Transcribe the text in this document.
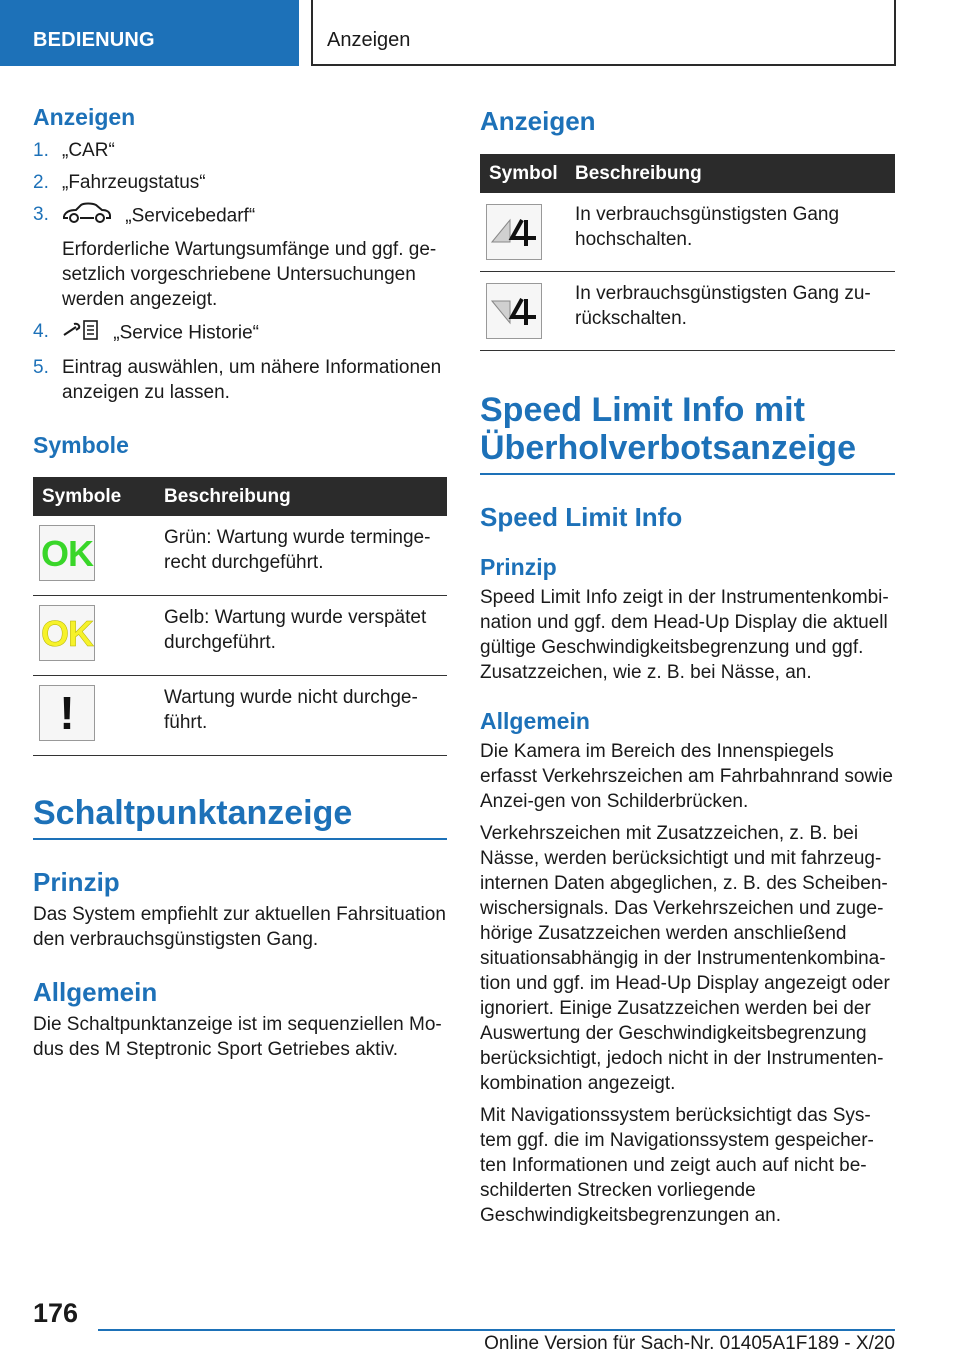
BEDIENUNG	Anzeigen
Anzeigen
1. „CAR“
2. „Fahrzeugstatus“
3.	„Servicebedarf“
Erforderliche Wartungsumfänge und ggf. ge-setzlich vorgeschriebene Untersuchungen werden angezeigt.
4.	„Service Historie“
5. Eintrag auswählen, um nähere Informationen anzeigen zu lassen.
Symbole
Symbole	Beschreibung

OK	Grün: Wartung wurde terminge-recht durchgeführt.

OK	Gelb: Wartung wurde verspätet durchgeführt.

!	Wartung wurde nicht durchge-führt.
Schaltpunktanzeige
Prinzip

Das System empfiehlt zur aktuellen Fahrsituation den verbrauchsgünstigsten Gang.

Allgemein

Die Schaltpunktanzeige ist im sequenziellen Mo-dus des M Steptronic Sport Getriebes aktiv.

Anzeigen
Symbol	Beschreibung

	In verbrauchsgünstigsten Gang hochschalten.

	In verbrauchsgünstigsten Gang zu-rückschalten.
Speed Limit Info mit Überholverbotsanzeige
Speed Limit Info
Prinzip

Speed Limit Info zeigt in der Instrumentenkombi-nation und ggf. dem Head-Up Display die aktuell gültige Geschwindigkeitsbegrenzung und ggf. Zusatzzeichen, wie z. B. bei Nässe, an.

Allgemein

Die Kamera im Bereich des Innenspiegels erfasst Verkehrszeichen am Fahrbahnrand sowie Anzei-gen von Schilderbrücken.

Verkehrszeichen mit Zusatzzeichen, z. B. bei Nässe, werden berücksichtigt und mit fahrzeug-internen Daten abgeglichen, z. B. des Scheiben-wischersignals. Das Verkehrszeichen und zuge-hörige Zusatzzeichen werden anschließend situationsabhängig in der Instrumentenkombina-tion und ggf. im Head-Up Display angezeigt oder ignoriert. Einige Zusatzzeichen werden bei der Auswertung der Geschwindigkeitsbegrenzung berücksichtigt, jedoch nicht in der Instrumenten-kombination angezeigt.

Mit Navigationssystem berücksichtigt das Sys-tem ggf. die im Navigationssystem gespeicher-ten Informationen und zeigt auch auf nicht be-schilderten Strecken vorliegende Geschwindigkeitsbegrenzungen an.

176
Online Version für Sach-Nr. 01405A1F189 - X/20
